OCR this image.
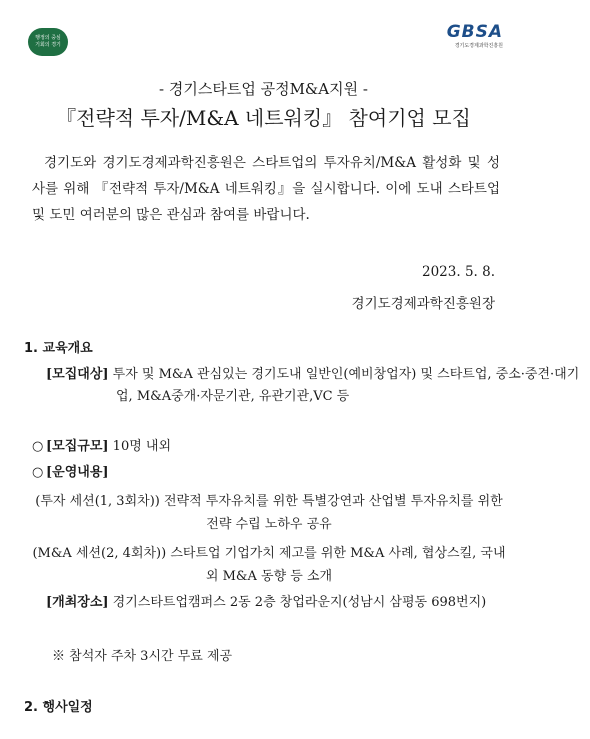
행정의 중심
기회의 경기
GBSA
경기도경제과학진흥원
- 경기스타트업 공정M&A지원 -
『전략적 투자/M&A 네트워킹』 참여기업 모집
경기도와 경기도경제과학진흥원은 스타트업의 투자유치/M&A 활성화 및 성사를 위해 『전략적 투자/M&A 네트워킹』을 실시합니다. 이에 도내 스타트업 및 도민 여러분의 많은 관심과 참여를 바랍니다.
2023. 5. 8.
경기도경제과학진흥원장
1. 교육개요
[모집대상] 투자 및 M&A 관심있는 경기도내 일반인(예비창업자) 및 스타트업, 중소·중견·대기업, M&A중개·자문기관, 유관기관,VC 등
○ [모집규모] 10명 내외
○ [운영내용]
(투자 세션(1, 3회차)) 전략적 투자유치를 위한 특별강연과 산업별 투자유치를 위한 전략 수립 노하우 공유
(M&A 세션(2, 4회차)) 스타트업 기업가치 제고를 위한 M&A 사례, 협상스킬, 국내외 M&A 동향 등 소개
[개최장소] 경기스타트업캠퍼스 2동 2층 창업라운지(성남시 삼평동 698번지)
※ 참석자 주차 3시간 무료 제공
2. 행사일정
